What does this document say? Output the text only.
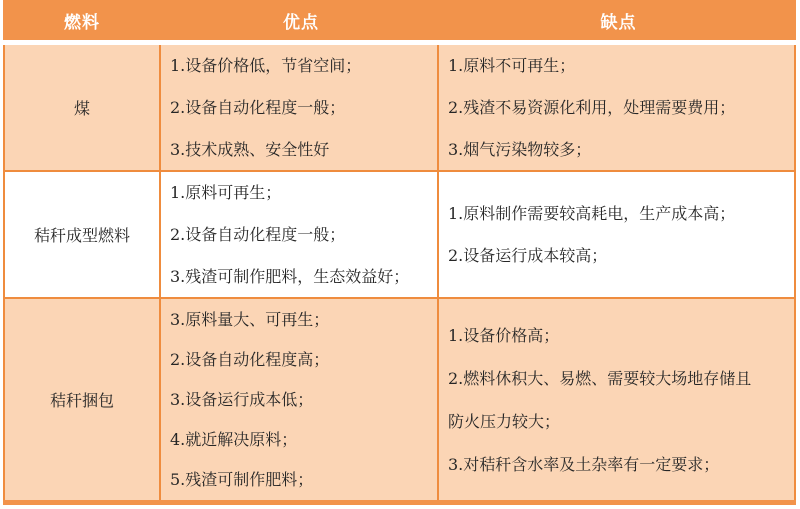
燃料	优点	缺点
煤
1.设备价格低，节省空间；
2.设备自动化程度一般；
3.技术成熟、安全性好
1.原料不可再生；
2.残渣不易资源化利用，处理需要费用；
3.烟气污染物较多；
秸秆成型燃料
1.原料可再生；
2.设备自动化程度一般；
3.残渣可制作肥料，生态效益好；
1.原料制作需要较高耗电，生产成本高；
2.设备运行成本较高；
秸秆捆包
3.原料量大、可再生；
2.设备自动化程度高；
3.设备运行成本低；
4.就近解决原料；
5.残渣可制作肥料；
1.设备价格高；
2.燃料休积大、易燃、需要较大场地存储且防火压力较大；
3.对秸秆含水率及土杂率有一定要求；
